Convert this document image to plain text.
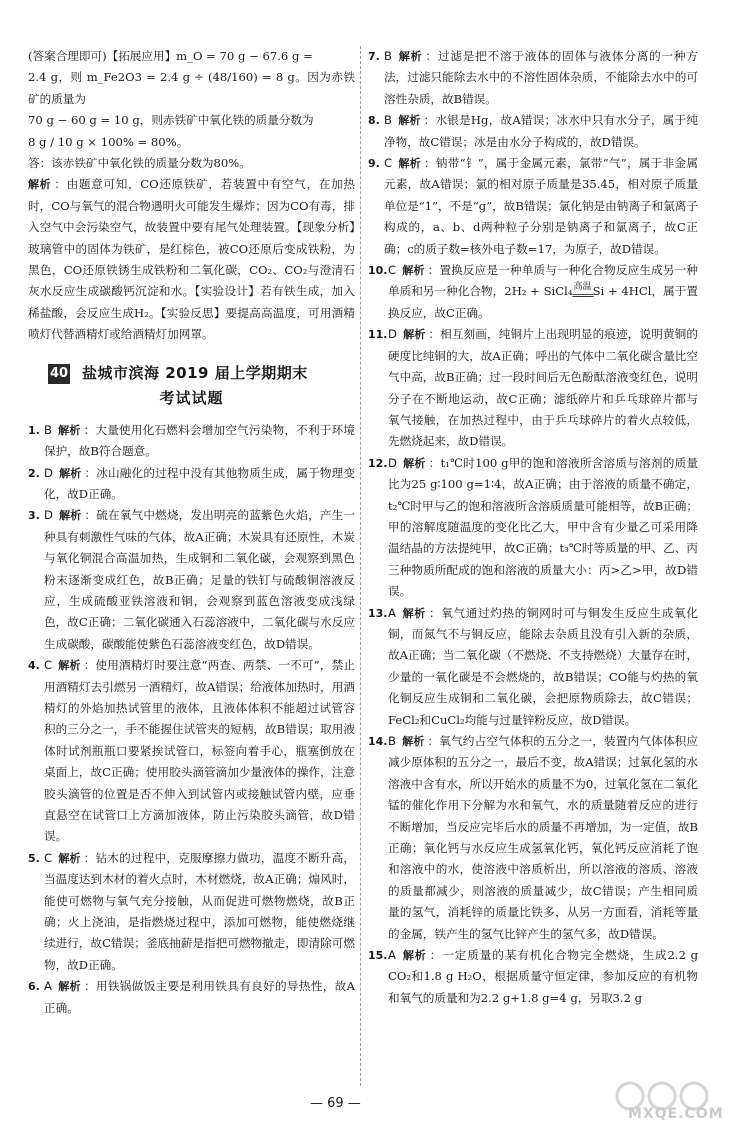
(答案合理即可)【拓展应用】m_O = 70 g − 67.6 g =

2.4 g，则 m_Fe2O3 = 2.4 g ÷ (48/160) = 8 g。因为赤铁矿的质量为

70 g − 60 g = 10 g，则赤铁矿中氧化铁的质量分数为

8 g / 10 g × 100% = 80%。

答：该赤铁矿中氧化铁的质量分数为80%。

解析 ：由题意可知，CO还原铁矿，若装置中有空气，在加热时，CO与氧气的混合物遇明火可能发生爆炸；因为CO有毒，排入空气中会污染空气，故装置中要有尾气处理装置。【现象分析】玻璃管中的固体为铁矿，是红棕色，被CO还原后变成铁粉，为黑色，CO还原铁锈生成铁粉和二氧化碳，CO₂、CO₂与澄清石灰水反应生成碳酸钙沉淀和水。【实验设计】若有铁生成，加入稀盐酸，会反应生成H₂。【实验反思】要提高高温度，可用酒精喷灯代替酒精灯或给酒精灯加网罩。

40 盐城市滨海 2019 届上学期期末
考试试题

1. B 解析 ：大量使用化石燃料会增加空气污染物，不利于环境保护，故B符合题意。

2. D 解析 ：冰山融化的过程中没有其他物质生成，属于物理变化，故D正确。

3. D 解析 ：硫在氧气中燃烧，发出明亮的蓝紫色火焰，产生一种具有刺激性气味的气体，故A正确；木炭具有还原性，木炭与氧化铜混合高温加热，生成铜和二氧化碳，会观察到黑色粉末逐渐变成红色，故B正确；足量的铁钉与硫酸铜溶液反应，生成硫酸亚铁溶液和铜，会观察到蓝色溶液变成浅绿色，故C正确；二氧化碳通入石蕊溶液中，二氧化碳与水反应生成碳酸，碳酸能使紫色石蕊溶液变红色，故D错误。

4. C 解析 ：使用酒精灯时要注意“两查、两禁、一不可”，禁止用酒精灯去引燃另一酒精灯，故A错误；给液体加热时，用酒精灯的外焰加热试管里的液体，且液体体积不能超过试管容积的三分之一，手不能握住试管夹的短柄，故B错误；取用液体时试剂瓶瓶口要紧挨试管口，标签向着手心，瓶塞倒放在桌面上，故C正确；使用胶头滴管滴加少量液体的操作，注意胶头滴管的位置是否不伸入到试管内或接触试管内壁，应垂直悬空在试管口上方滴加液体，防止污染胶头滴管，故D错误。

5. C 解析 ：钻木的过程中，克服摩擦力做功，温度不断升高，当温度达到木材的着火点时，木材燃烧，故A正确；煽风时，能使可燃物与氧气充分接触，从而促进可燃物燃烧，故B正确；火上浇油，是指燃烧过程中，添加可燃物，能使燃烧继续进行，故C错误；釜底抽薪是指把可燃物撤走，即清除可燃物，故D正确。

6. A 解析 ：用铁锅做饭主要是利用铁具有良好的导热性，故A正确。

7. B 解析 ：过滤是把不溶于液体的固体与液体分离的一种方法，过滤只能除去水中的不溶性固体杂质，不能除去水中的可溶性杂质，故B错误。

8. B 解析 ：水银是Hg，故A错误；冰水中只有水分子，属于纯净物，故C错误；冰是由水分子构成的，故D错误。

9. C 解析 ：钠带“钅”，属于金属元素，氯带“气”，属于非金属元素，故A错误；氯的相对原子质量是35.45，相对原子质量单位是“1”，不是“g”，故B错误；氯化钠是由钠离子和氯离子构成的，a、b、d两种粒子分别是钠离子和氯离子，故C正确；c的质子数=核外电子数=17，为原子，故D错误。

10. C 解析 ：置换反应是一种单质与一种化合物反应生成另一种单质和另一种化合物，2H₂ + SiCl₄ 高温
════ Si + 4HCl，属于置换反应，故C正确。

11. D 解析 ：相互刻画，纯铜片上出现明显的痕迹，说明黄铜的硬度比纯铜的大，故A正确；呼出的气体中二氧化碳含量比空气中高，故B正确；过一段时间后无色酚酞溶液变红色，说明分子在不断地运动，故C正确；滤纸碎片和乒乓球碎片都与氧气接触，在加热过程中，由于乒乓球碎片的着火点较低，先燃烧起来，故D错误。

12. D 解析 ：t₁℃时100 g甲的饱和溶液所含溶质与溶剂的质量比为25 g∶100 g=1∶4，故A正确；由于溶液的质量不确定，t₂℃时甲与乙的饱和溶液所含溶质质量可能相等，故B正确；甲的溶解度随温度的变化比乙大，甲中含有少量乙可采用降温结晶的方法提纯甲，故C正确；t₃℃时等质量的甲、乙、丙三种物质所配成的饱和溶液的质量大小：丙>乙>甲，故D错误。

13. A 解析 ：氧气通过灼热的铜网时可与铜发生反应生成氧化铜，而氮气不与铜反应，能除去杂质且没有引入新的杂质，故A正确；当二氧化碳（不燃烧、不支持燃烧）大量存在时，少量的一氧化碳是不会燃烧的，故B错误；CO能与灼热的氧化铜反应生成铜和二氧化碳，会把原物质除去，故C错误；FeCl₂和CuCl₂均能与过量锌粉反应，故D错误。

14. B 解析 ：氧气约占空气体积的五分之一，装置内气体体积应减少原体积的五分之一，最后不变，故A错误；过氧化氢的水溶液中含有水，所以开始水的质量不为0，过氧化氢在二氧化锰的催化作用下分解为水和氧气，水的质量随着反应的进行不断增加，当反应完毕后水的质量不再增加，为一定值，故B正确；氧化钙与水反应生成氢氧化钙，氧化钙反应消耗了饱和溶液中的水，使溶液中溶质析出，所以溶液的溶质、溶液的质量都减少，则溶液的质量减少，故C错误；产生相同质量的氢气，消耗锌的质量比铁多，从另一方面看，消耗等量的金属，铁产生的氢气比锌产生的氢气多，故D错误。

15. A 解析 ：一定质量的某有机化合物完全燃烧，生成2.2 g CO₂和1.8 g H₂O，根据质量守恒定律，参加反应的有机物和氧气的质量和为2.2 g+1.8 g=4 g，另取3.2 g

— 69 —
MXQE.COM
